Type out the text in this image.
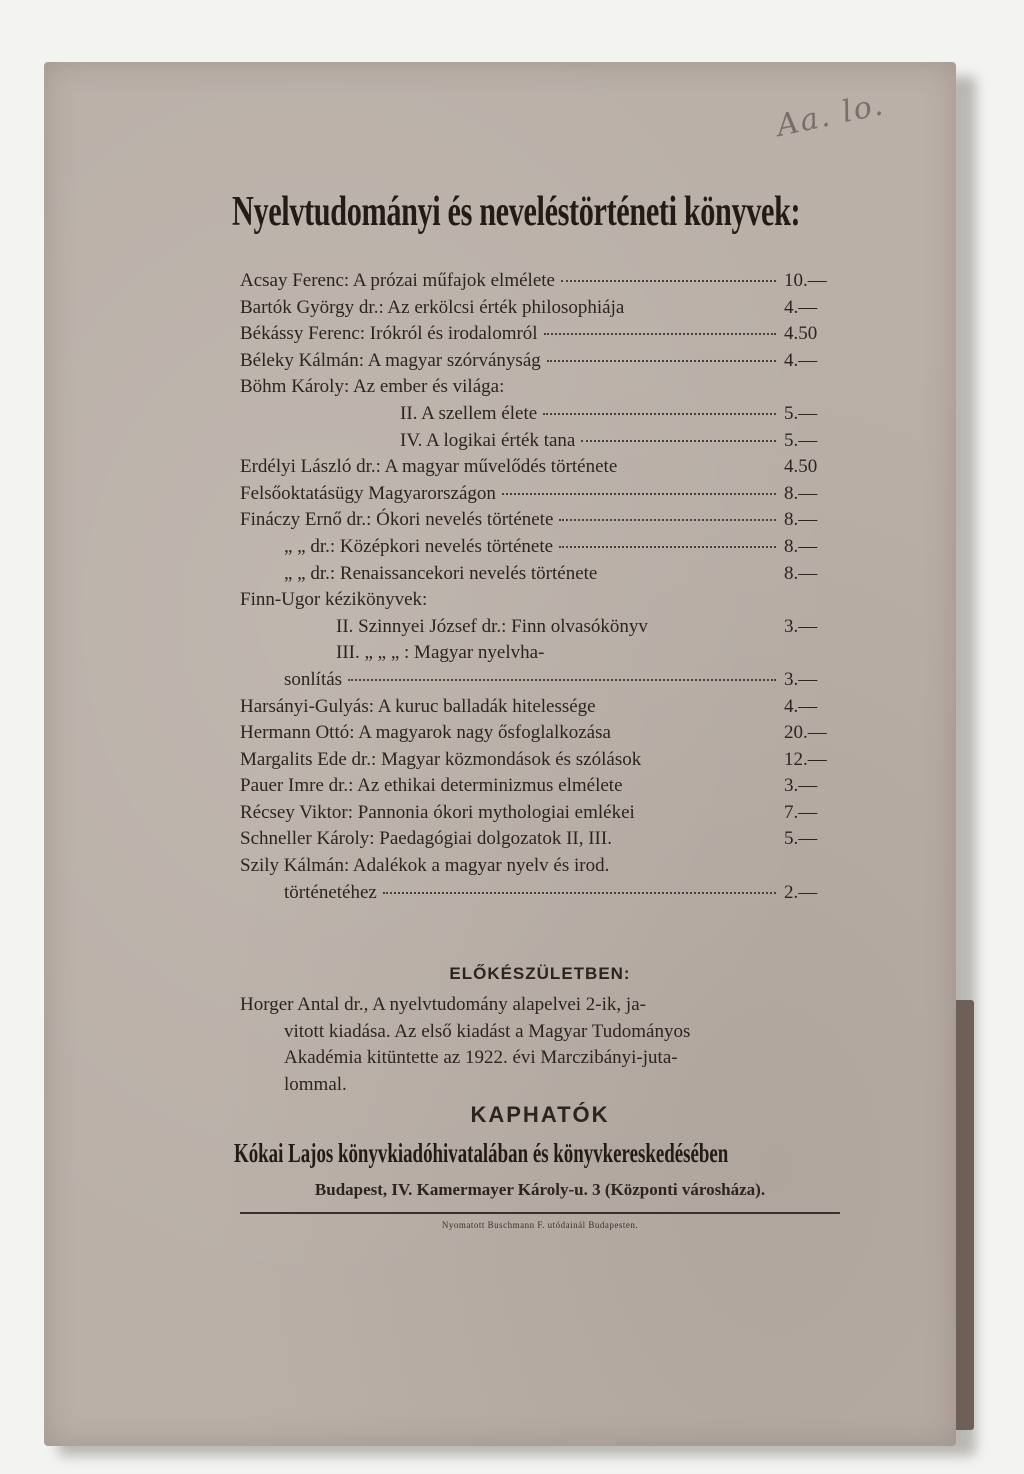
Aa. lo.
Nyelvtudományi és neveléstörténeti könyvek:
Acsay Ferenc: A prózai műfajok elmélete	10.—
Bartók György dr.: Az erkölcsi érték philosophiája	4.—
Békássy Ferenc: Irókról és irodalomról	4.50
Béleky Kálmán: A magyar szórványság	4.—
Böhm Károly: Az ember és világa:
II. A szellem élete	5.—
IV. A logikai érték tana	5.—
Erdélyi László dr.: A magyar művelődés története	4.50
Felsőoktatásügy Magyarországon	8.—
Fináczy Ernő dr.: Ókori nevelés története	8.—
„ „ dr.: Középkori nevelés története	8.—
„ „ dr.: Renaissancekori nevelés története	8.—
Finn-Ugor kézikönyvek:
II. Szinnyei József dr.: Finn olvasókönyv	3.—
III. „ „ „ : Magyar nyelvha-
sonlítás	3.—
Harsányi-Gulyás: A kuruc balladák hitelessége	4.—
Hermann Ottó: A magyarok nagy ősfoglalkozása	20.—
Margalits Ede dr.: Magyar közmondások és szólások	12.—
Pauer Imre dr.: Az ethikai determinizmus elmélete	3.—
Récsey Viktor: Pannonia ókori mythologiai emlékei	7.—
Schneller Károly: Paedagógiai dolgozatok II, III.	5.—
Szily Kálmán: Adalékok a magyar nyelv és irod.
történetéhez	2.—
ELŐKÉSZÜLETBEN:
Horger Antal dr., A nyelvtudomány alapelvei 2-ik, ja-
vitott kiadása. Az első kiadást a Magyar Tudományos
Akadémia kitüntette az 1922. évi Marczibányi-juta-
lommal.
KAPHATÓK
Kókai Lajos könyvkiadóhivatalában és könyvkereskedésében
Budapest, IV. Kamermayer Károly-u. 3 (Központi városháza).
Nyomatott Buschmann F. utódainál Budapesten.
